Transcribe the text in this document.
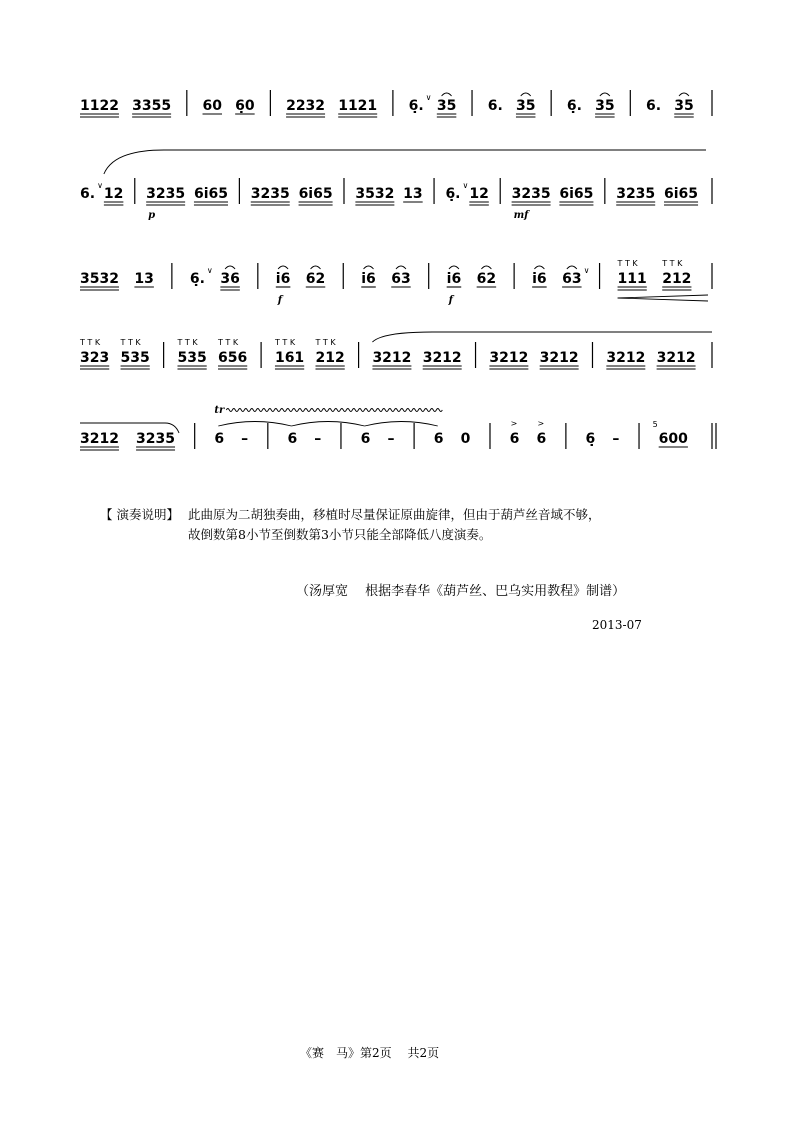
1122 3355 60 6̣0 2232 1121 6̣. 35 6. 35 6̣. 35 6. 35
∨
6. 12 3235 6i65 3235 6i65 3532 13 6̣. 12 3235 6i65 3235 6i65
∨
p
∨
mf
3532 13	6̣. 36	i6 62	i6 63	i6 62	i6 63	111 212
∨
f	f
∨
T T K	T T K
323 535 535 656 161 212 3212 3212 3212 3212 3212 3212
T T K	T T K	T T K	T T K	T T K	T T K
3212 3235	6 –	6 –	6 –	6 0	6 6	6̣ –	600
>	>	5
tr
【 演奏说明】 此曲原为二胡独奏曲，移植时尽量保证原曲旋律，但由于葫芦丝音域不够，
故倒数第8小节至倒数第3小节只能全部降低八度演奏。
（汤厚宽　 根据李春华《葫芦丝、巴乌实用教程》制谱）
2013-07
《赛　马》第2页　 共2页
